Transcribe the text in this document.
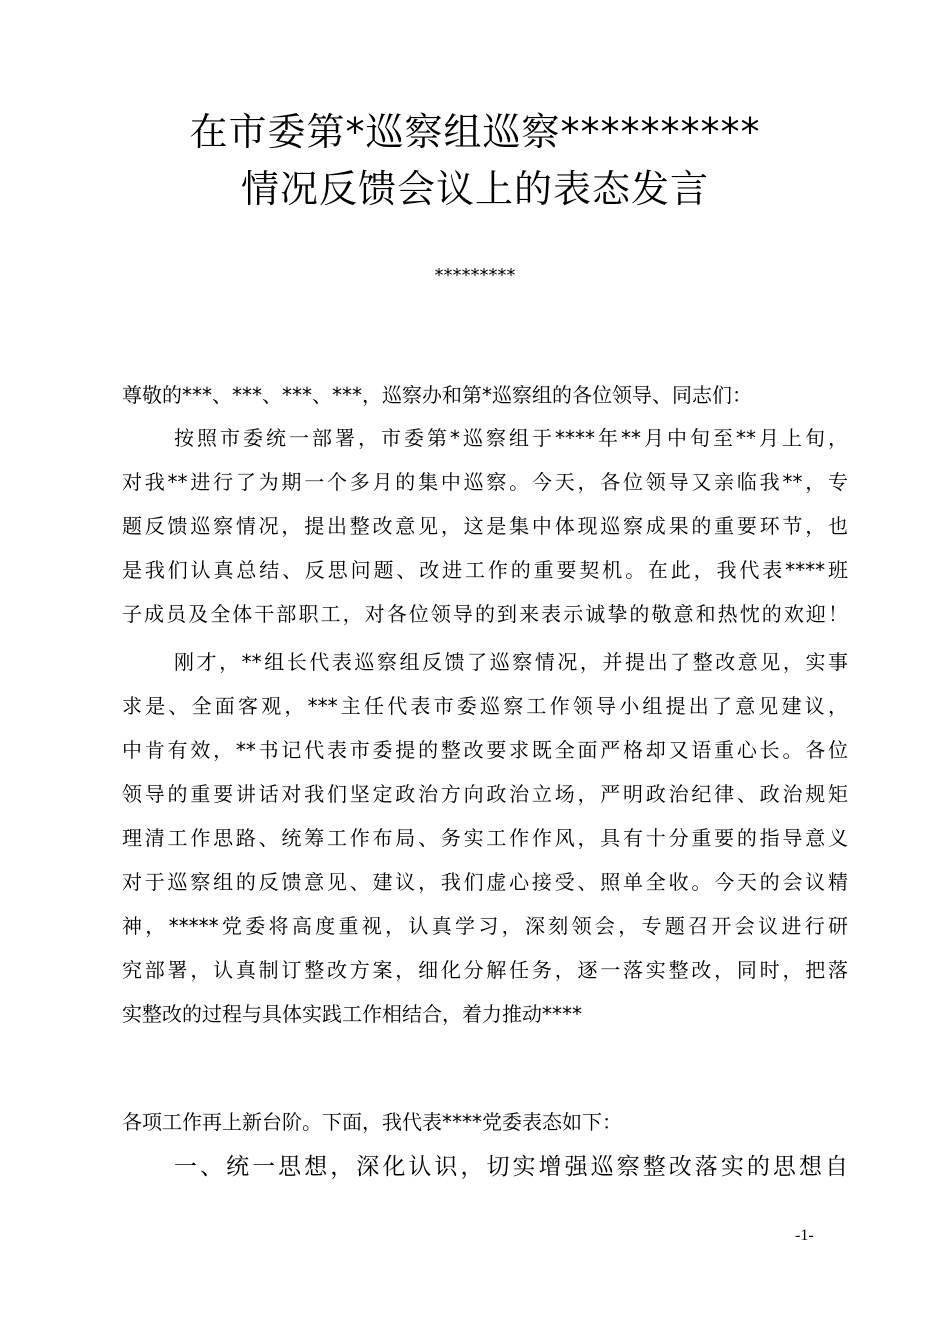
在市委第*巡察组巡察**********
情况反馈会议上的表态发言
*********
尊敬的***、***、***、***，巡察办和第*巡察组的各位领导、同志们：
按照市委统一部署，市委第*巡察组于****年**月中旬至**月上旬，
对我**进行了为期一个多月的集中巡察。今天，各位领导又亲临我**，专
题反馈巡察情况，提出整改意见，这是集中体现巡察成果的重要环节，也
是我们认真总结、反思问题、改进工作的重要契机。在此，我代表****班
子成员及全体干部职工，对各位领导的到来表示诚挚的敬意和热忱的欢迎！
刚才，**组长代表巡察组反馈了巡察情况，并提出了整改意见，实事
求是、全面客观，***主任代表市委巡察工作领导小组提出了意见建议，
中肯有效，**书记代表市委提的整改要求既全面严格却又语重心长。各位
领导的重要讲话对我们坚定政治方向政治立场，严明政治纪律、政治规矩
理清工作思路、统筹工作布局、务实工作作风，具有十分重要的指导意义
对于巡察组的反馈意见、建议，我们虚心接受、照单全收。今天的会议精
神，*****党委将高度重视，认真学习，深刻领会，专题召开会议进行研
究部署，认真制订整改方案，细化分解任务，逐一落实整改，同时，把落
实整改的过程与具体实践工作相结合，着力推动****
各项工作再上新台阶。下面，我代表****党委表态如下：
一、统一思想，深化认识，切实增强巡察整改落实的思想自
-1-
